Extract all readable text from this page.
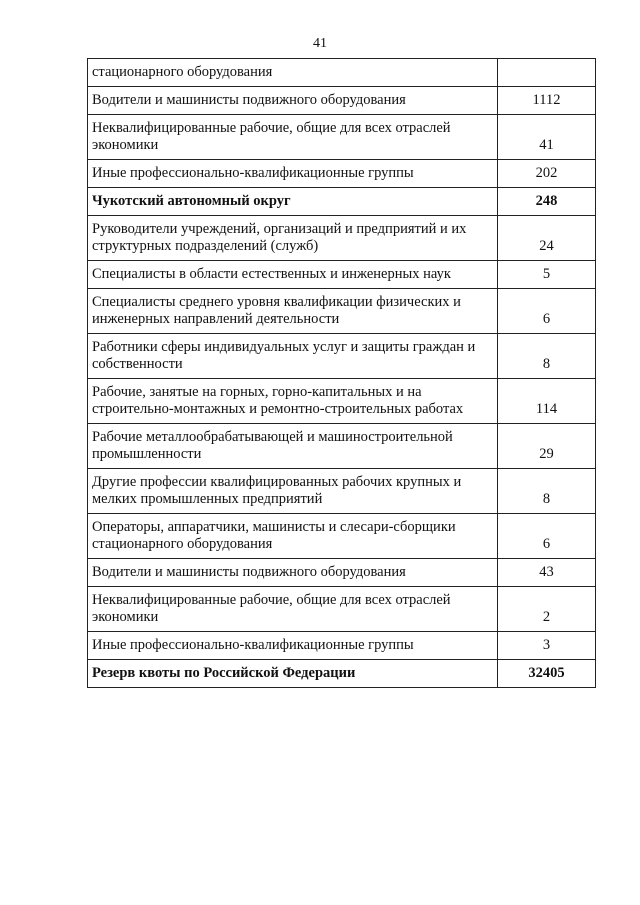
41
стационарного оборудования	
Водители и машинисты подвижного оборудования	1112
Неквалифицированные рабочие, общие для всех отраслей экономики	41
Иные профессионально-квалификационные группы	202
Чукотский автономный округ	248
Руководители учреждений, организаций и предприятий и их структурных подразделений (служб)	24
Специалисты в области естественных и инженерных наук	5
Специалисты среднего уровня квалификации физических и инженерных направлений деятельности	6
Работники сферы индивидуальных услуг и защиты граждан и собственности	8
Рабочие, занятые на горных, горно-капитальных и на строительно-монтажных и ремонтно-строительных работах	114
Рабочие металлообрабатывающей и машиностроительной промышленности	29
Другие профессии квалифицированных рабочих крупных и мелких промышленных предприятий	8
Операторы, аппаратчики, машинисты и слесари-сборщики стационарного оборудования	6
Водители и машинисты подвижного оборудования	43
Неквалифицированные рабочие, общие для всех отраслей экономики	2
Иные профессионально-квалификационные группы	3
Резерв квоты по Российской Федерации	32405
